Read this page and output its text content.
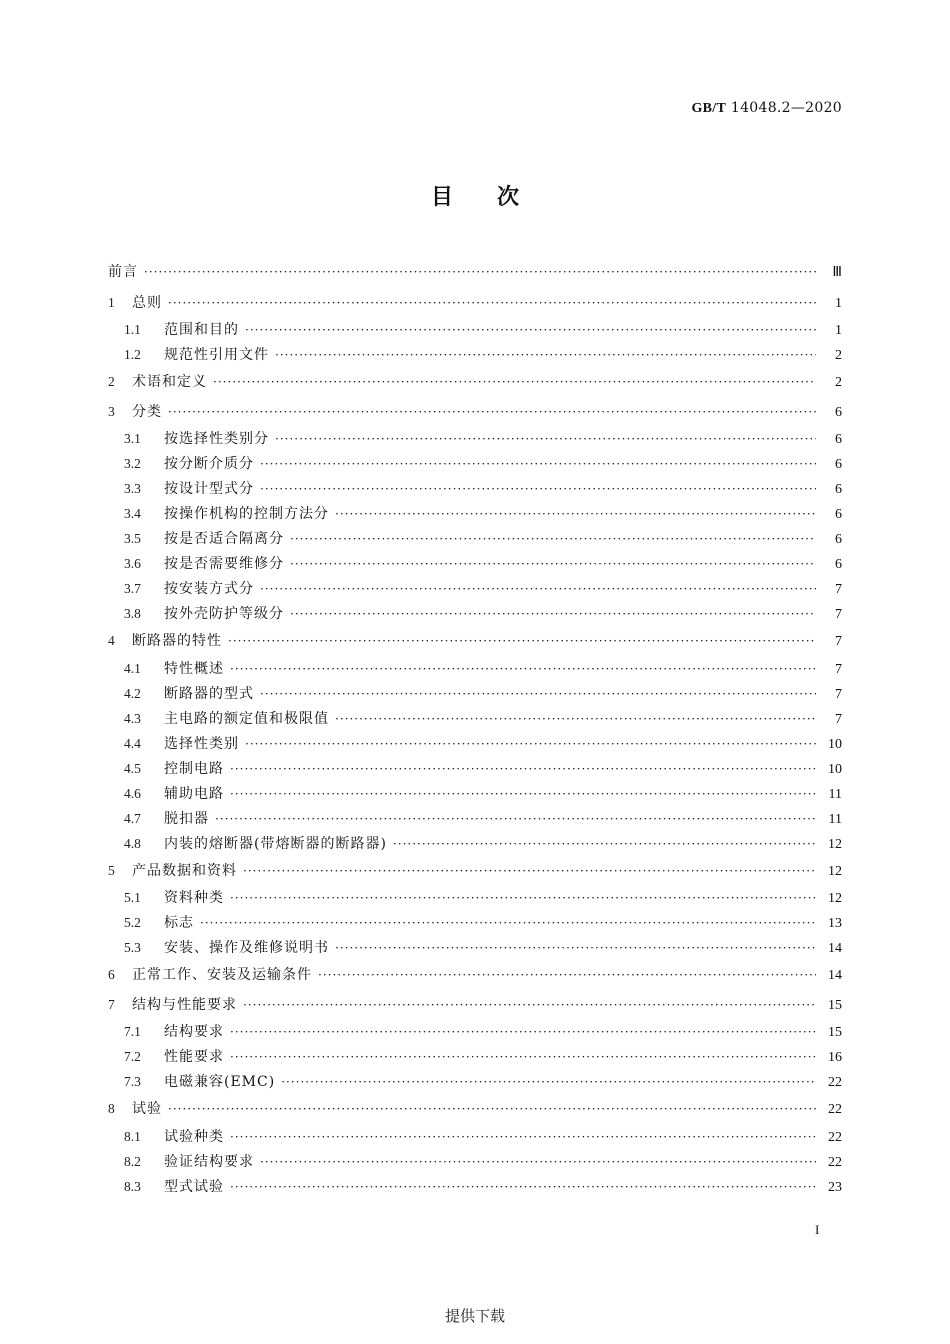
GB/T 14048.2—2020
目次
前言 ·····	Ⅲ
1	总则 ·····	1
1.1	范围和目的 ·····	1
1.2	规范性引用文件 ·····	2
2	术语和定义 ·····	2
3	分类 ·····	6
3.1	按选择性类别分 ·····	6
3.2	按分断介质分 ·····	6
3.3	按设计型式分 ·····	6
3.4	按操作机构的控制方法分 ·····	6
3.5	按是否适合隔离分 ·····	6
3.6	按是否需要维修分 ·····	6
3.7	按安装方式分 ·····	7
3.8	按外壳防护等级分 ·····	7
4	断路器的特性 ·····	7
4.1	特性概述 ·····	7
4.2	断路器的型式 ·····	7
4.3	主电路的额定值和极限值 ·····	7
4.4	选择性类别 ·····	10
4.5	控制电路 ·····	10
4.6	辅助电路 ·····	11
4.7	脱扣器 ·····	11
4.8	内装的熔断器(带熔断器的断路器) ·····	12
5	产品数据和资料 ·····	12
5.1	资料种类 ·····	12
5.2	标志 ·····	13
5.3	安装、操作及维修说明书 ·····	14
6	正常工作、安装及运输条件 ·····	14
7	结构与性能要求 ·····	15
7.1	结构要求 ·····	15
7.2	性能要求 ·····	16
7.3	电磁兼容(EMC) ·····	22
8	试验 ·····	22
8.1	试验种类 ·····	22
8.2	验证结构要求 ·····	22
8.3	型式试验 ·····	23
I
提供下载
